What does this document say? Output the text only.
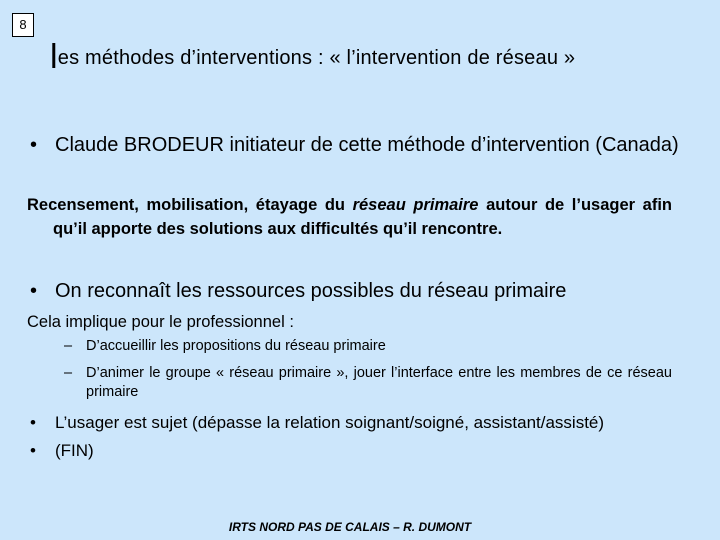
8
les méthodes d’interventions : « l’intervention de réseau »
• Claude BRODEUR initiateur de cette méthode d’intervention (Canada)
Recensement, mobilisation, étayage du réseau primaire autour de l’usager afin qu’il apporte des solutions aux difficultés qu’il rencontre.
• On reconnaît les ressources possibles du réseau primaire
Cela implique pour le professionnel :
– D’accueillir les propositions du réseau primaire
– D’animer le groupe « réseau primaire », jouer l’interface entre les membres de ce réseau primaire
•	L’usager est sujet (dépasse la relation soignant/soigné, assistant/assisté)
•	(FIN)
IRTS NORD PAS DE CALAIS – R. DUMONT
